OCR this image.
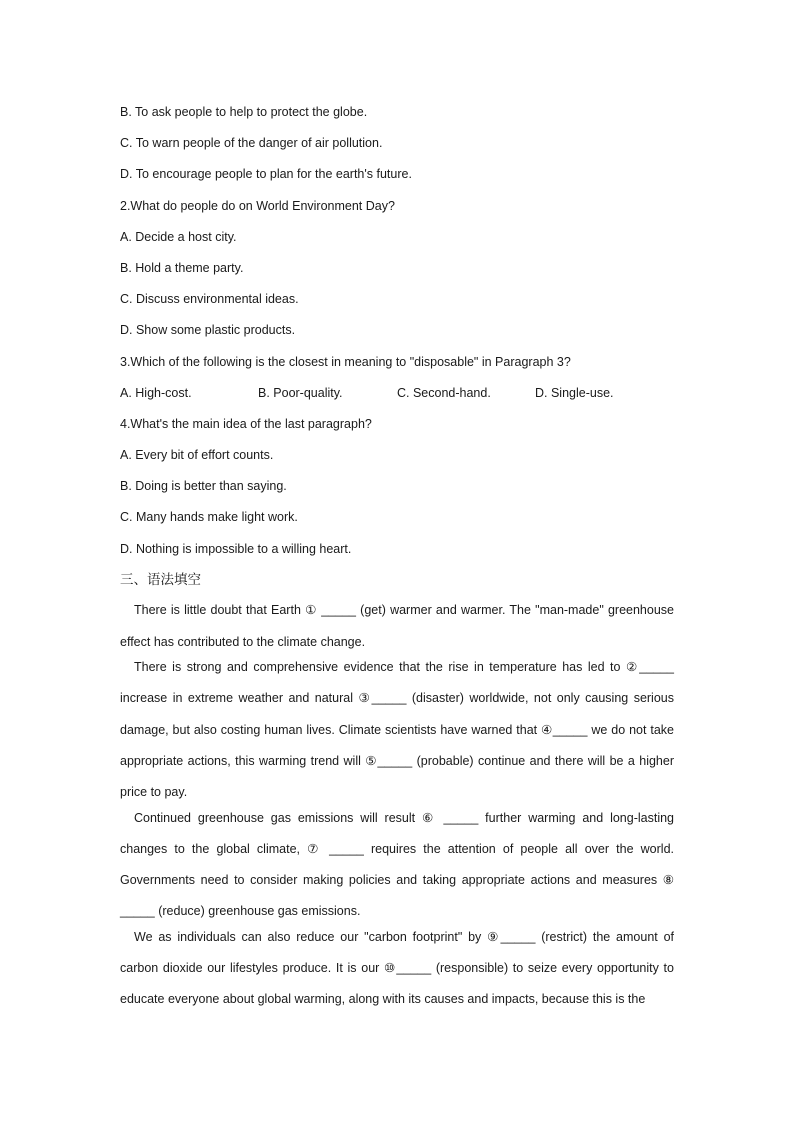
B. To ask people to help to protect the globe.
C. To warn people of the danger of air pollution.
D. To encourage people to plan for the earth's future.
2.What do people do on World Environment Day?
A. Decide a host city.
B. Hold a theme party.
C. Discuss environmental ideas.
D. Show some plastic products.
3.Which of the following is the closest in meaning to "disposable" in Paragraph 3?
A. High-cost.	B. Poor-quality.	C. Second-hand.	D. Single-use.
4.What's the main idea of the last paragraph?
A. Every bit of effort counts.
B. Doing is better than saying.
C. Many hands make light work.
D. Nothing is impossible to a willing heart.
三、语法填空

There is little doubt that Earth ① _____ (get) warmer and warmer. The "man-made" greenhouse effect has contributed to the climate change.

There is strong and comprehensive evidence that the rise in temperature has led to ②_____ increase in extreme weather and natural ③_____ (disaster) worldwide, not only causing serious damage, but also costing human lives. Climate scientists have warned that ④_____ we do not take appropriate actions, this warming trend will ⑤_____ (probable) continue and there will be a higher price to pay.

Continued greenhouse gas emissions will result ⑥ _____ further warming and long-lasting changes to the global climate, ⑦ _____ requires the attention of people all over the world. Governments need to consider making policies and taking appropriate actions and measures ⑧ _____ (reduce) greenhouse gas emissions.

We as individuals can also reduce our "carbon footprint" by ⑨_____ (restrict) the amount of carbon dioxide our lifestyles produce. It is our ⑩_____ (responsible) to seize every opportunity to educate everyone about global warming, along with its causes and impacts, because this is the
